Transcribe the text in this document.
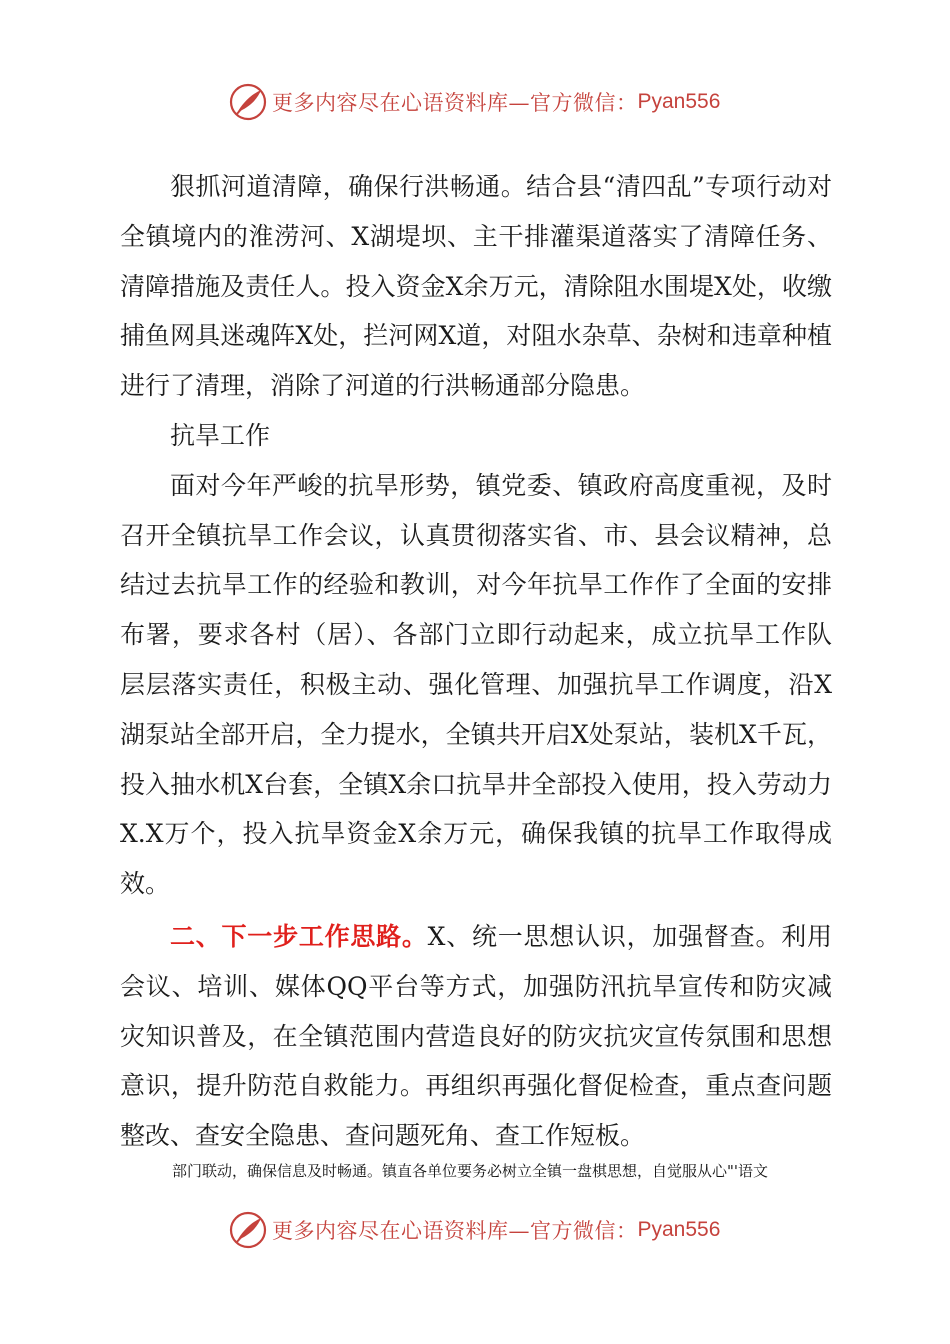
更多内容尽在心语资料库—官方微信： Pyan556

狠抓河道清障，确保行洪畅通。结合县“清四乱”专项行动对全镇境内的淮涝河、X湖堤坝、主干排灌渠道落实了清障任务、清障措施及责任人。投入资金X余万元，清除阻水围堤X处，收缴捕鱼网具迷魂阵X处，拦河网X道，对阻水杂草、杂树和违章种植进行了清理，消除了河道的行洪畅通部分隐患。

抗旱工作

面对今年严峻的抗旱形势，镇党委、镇政府高度重视，及时召开全镇抗旱工作会议，认真贯彻落实省、市、县会议精神，总结过去抗旱工作的经验和教训，对今年抗旱工作作了全面的安排布署，要求各村（居）、各部门立即行动起来，成立抗旱工作队层层落实责任，积极主动、强化管理、加强抗旱工作调度，沿X湖泵站全部开启，全力提水，全镇共开启X处泵站，装机X千瓦，投入抽水机X台套，全镇X余口抗旱井全部投入使用，投入劳动力X.X万个，投入抗旱资金X余万元，确保我镇的抗旱工作取得成效。

二、下一步工作思路。X、统一思想认识，加强督查。利用会议、培训、媒体QQ平台等方式，加强防汛抗旱宣传和防灾减灾知识普及，在全镇范围内营造良好的防灾抗灾宣传氛围和思想意识，提升防范自救能力。再组织再强化督促检查，重点查问题整改、查安全隐患、查问题死角、查工作短板。

部门联动，确保信息及时畅通。镇直各单位要务必树立全镇一盘棋思想，自觉服从心"'语文
更多内容尽在心语资料库—官方微信： Pyan556
